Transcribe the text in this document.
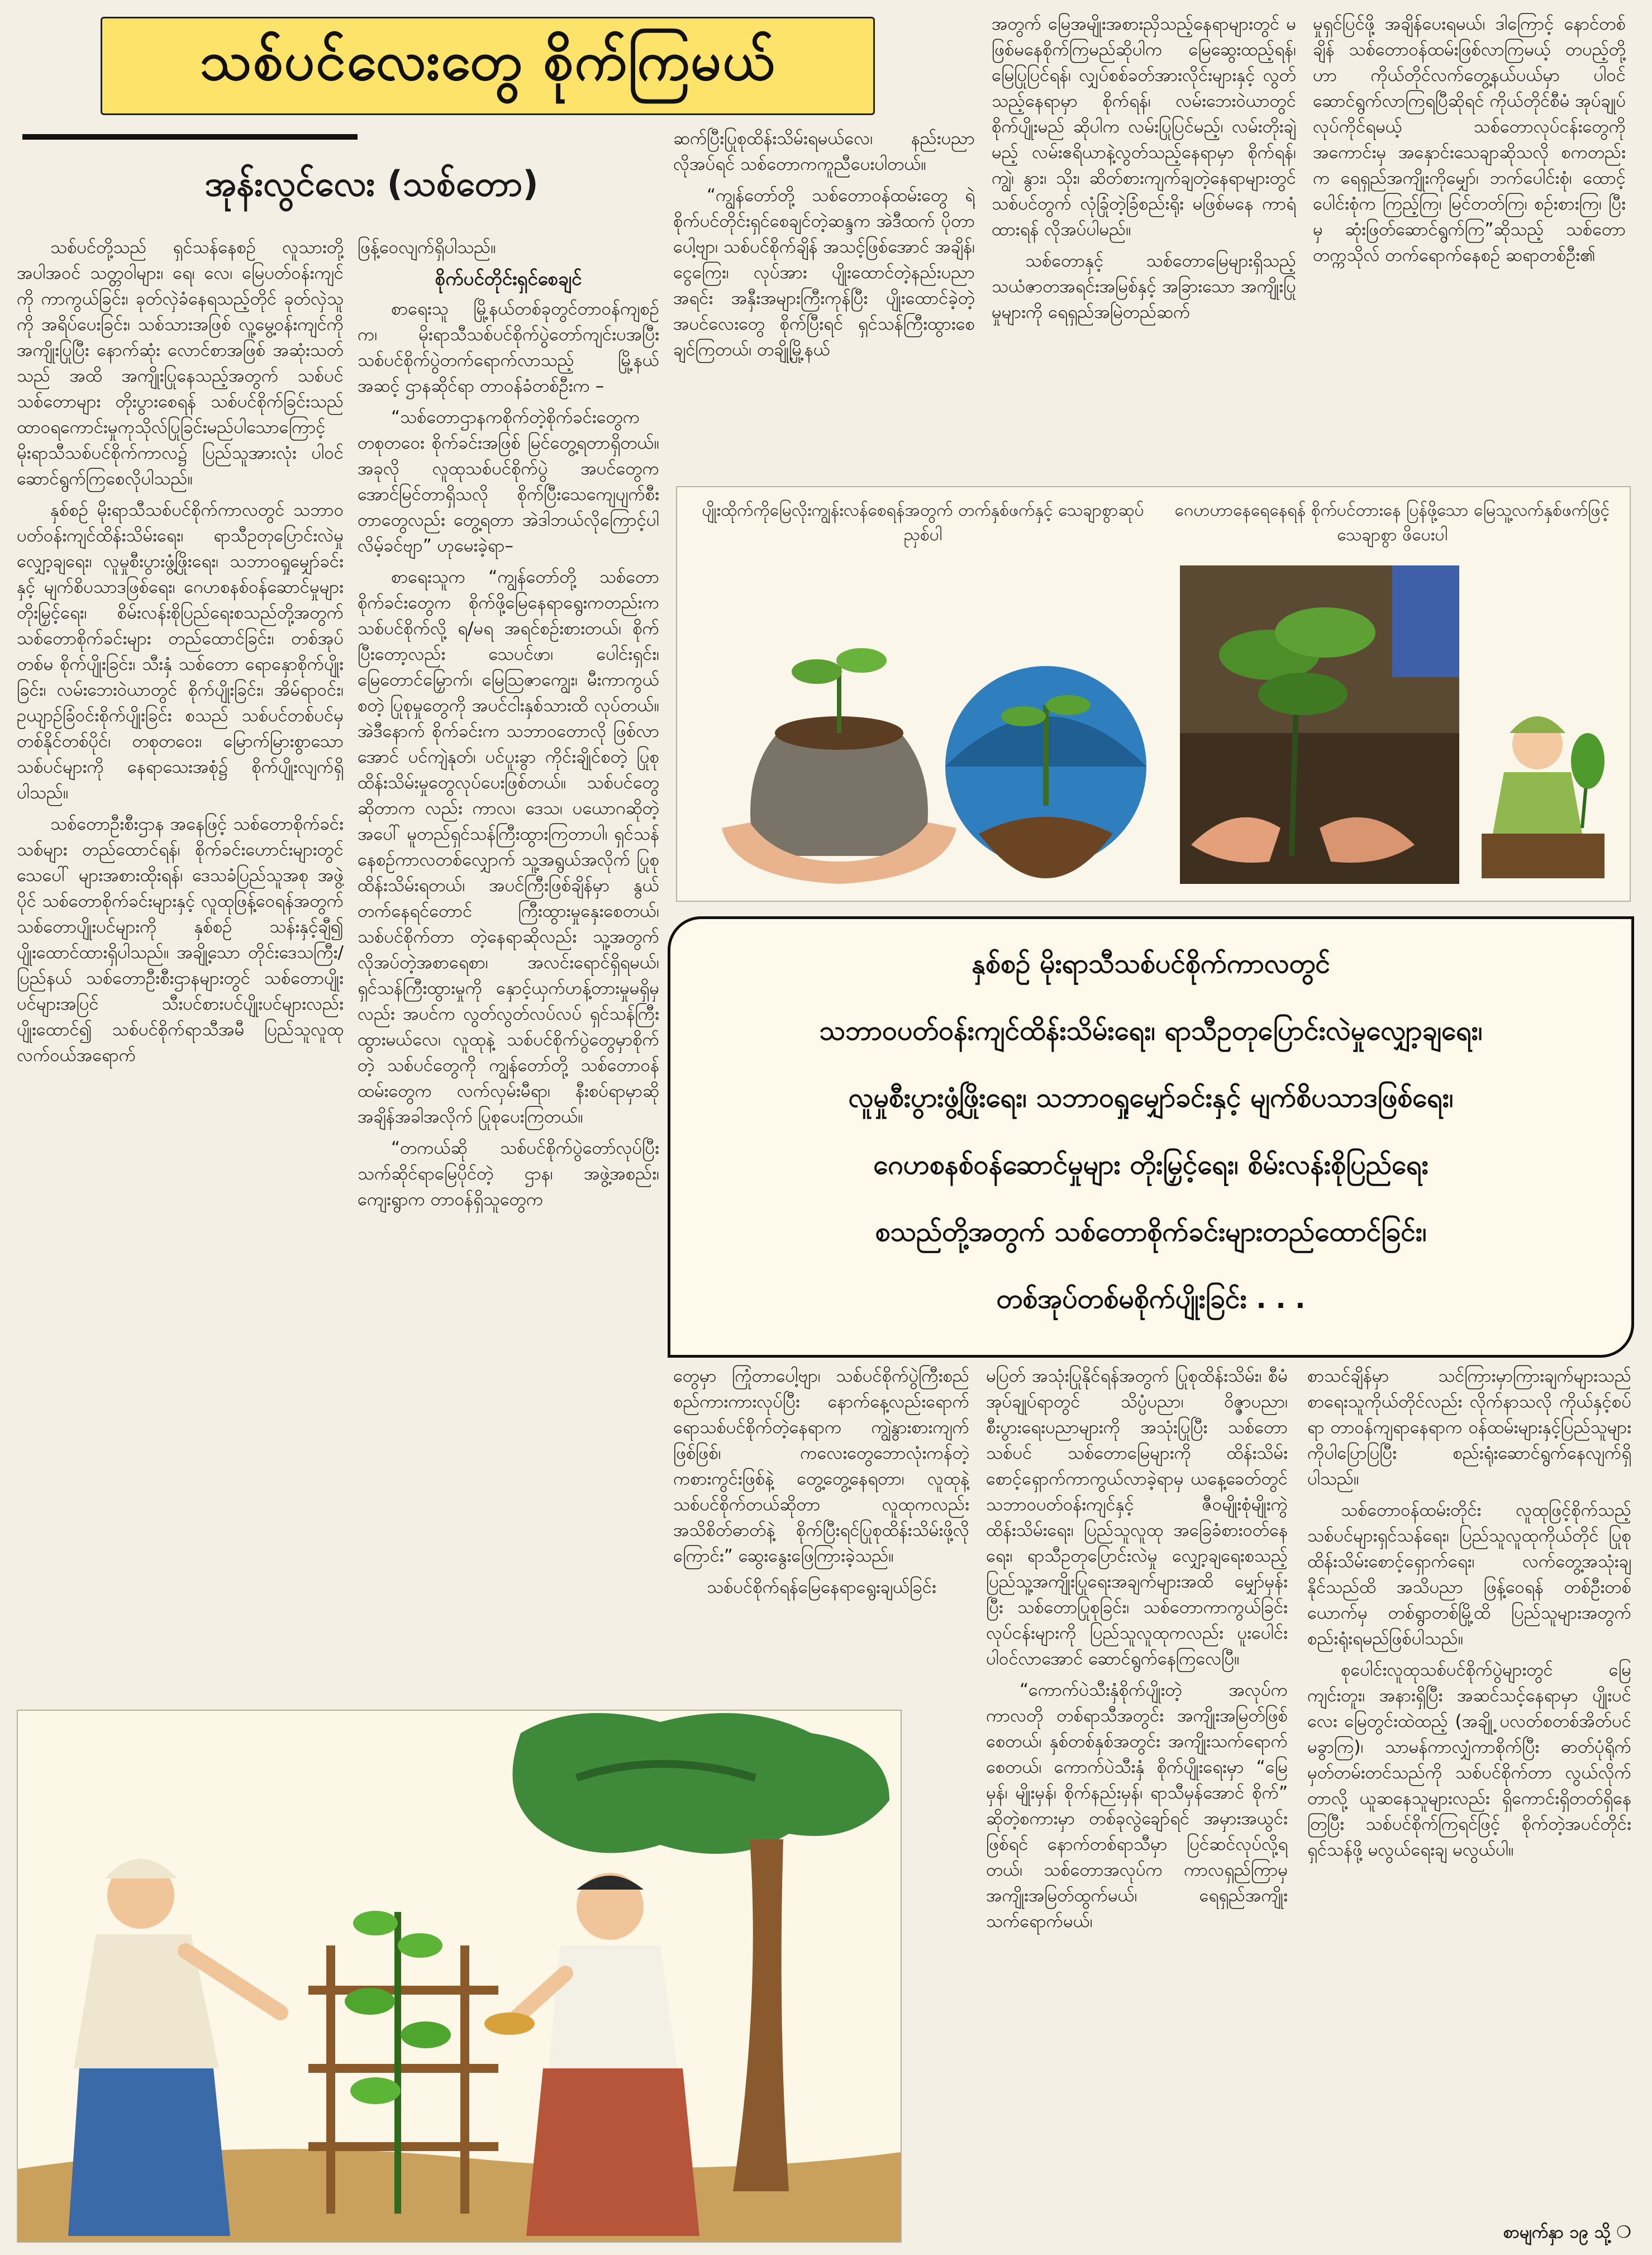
သစ်ပင်လေးတွေ စိုက်ကြမယ်
အုန်းလွင်လေး (သစ်တော)

သစ်ပင်တို့သည် ရှင်သန်နေစဉ် လူသားတို့အပါအဝင် သတ္တဝါများ၊ ရေ၊ လေ၊ မြေပတ်ဝန်းကျင်ကို ကာကွယ်ခြင်း၊ ခုတ်လှဲခံနေရသည့်တိုင် ခုတ်လှဲသူကို အရိပ်ပေးခြင်း၊ သစ်သားအဖြစ် လူ့မွေ့ဝန်းကျင်ကိုအကျိုးပြုပြီး နောက်ဆုံး လောင်စာအဖြစ် အဆုံးသတ်သည် အထိ အကျိုးပြုနေသည့်အတွက် သစ်ပင်သစ်တောများ တိုးပွားစေရန် သစ်ပင်စိုက်ခြင်းသည် ထာဝရကောင်းမှုကုသိုလ်ပြုခြင်းမည်ပါသောကြောင့် မိုးရာသီသစ်ပင်စိုက်ကာလ၌ ပြည်သူအားလုံး ပါဝင်ဆောင်ရွက်ကြစေလိုပါသည်။

နှစ်စဉ် မိုးရာသီသစ်ပင်စိုက်ကာလတွင် သဘာဝပတ်ဝန်းကျင်ထိန်းသိမ်းရေး၊ ရာသီဥတုပြောင်းလဲမှုလျှော့ချရေး၊ လူမှုစီးပွားဖွံ့ဖြိုးရေး၊ သဘာဝရှုမျှော်ခင်းနှင့် မျက်စိပသာဒဖြစ်ရေး၊ ဂေဟစနစ်ဝန်ဆောင်မှုများတိုးမြှင့်ရေး၊ စိမ်းလန်းစိုပြည်ရေးစသည်တို့အတွက် သစ်တောစိုက်ခင်းများ တည်ထောင်ခြင်း၊ တစ်အုပ်တစ်မ စိုက်ပျိုးခြင်း၊ သီးနှံ သစ်တော ရောနှောစိုက်ပျိုးခြင်း၊ လမ်းဘေးဝဲယာတွင် စိုက်ပျိုးခြင်း၊ အိမ်ရာဝင်း၊ ဥယျာဉ်ခြံဝင်းစိုက်ပျိုးခြင်း စသည် သစ်ပင်တစ်ပင်မှ တစ်နိုင်တစ်ပိုင်၊ တစုတဝေး၊ မြောက်မြားစွာသော သစ်ပင်များကို နေရာသေးအစုံ၌ စိုက်ပျိုးလျက်ရှိပါသည်။

သစ်တောဦးစီးဌာန အနေဖြင့် သစ်တောစိုက်ခင်းသစ်များ တည်ထောင်ရန်၊ စိုက်ခင်းဟောင်းများတွင် သေပေါ် များအစားထိုးရန်၊ ဒေသခံပြည်သူအစု အဖွဲ့ပိုင် သစ်တောစိုက်ခင်းများနှင့် လူထုဖြန့်ဝေရန်အတွက် သစ်တောပျိုးပင်များကို နှစ်စဉ် သန်းနှင့်ချီ၍ ပျိုးထောင်ထားရှိပါသည်။ အချို့သော တိုင်းဒေသကြီး/ပြည်နယ် သစ်တောဦးစီးဌာနများတွင် သစ်တောပျိုးပင်များအပြင် သီးပင်စားပင်ပျိုးပင်များလည်း ပျိုးထောင်၍ သစ်ပင်စိုက်ရာသီအမီ ပြည်သူလူထု လက်ဝယ်အရောက်

ဖြန့်ဝေလျက်ရှိပါသည်။

စိုက်ပင်တိုင်းရှင်စေချင်

စာရေးသူ မြို့နယ်တစ်ခုတွင်တာဝန်ကျစဉ်က၊ မိုးရာသီသစ်ပင်စိုက်ပွဲတော်ကျင်းပအပြီး သစ်ပင်စိုက်ပွဲတက်ရောက်လာသည့် မြို့နယ်အဆင့် ဌာနဆိုင်ရာ တာဝန်ခံတစ်ဦးက –

“သစ်တောဌာနကစိုက်တဲ့စိုက်ခင်းတွေက တစုတဝေး စိုက်ခင်းအဖြစ် မြင်တွေ့ရတာရှိတယ်။ အခုလို လူထုသစ်ပင်စိုက်ပွဲ အပင်တွေက အောင်မြင်တာရှိသလို စိုက်ပြီးသေကျေပျက်စီးတာတွေလည်း တွေ့ရတာ အဲဒါဘယ်လိုကြောင့်ပါလိမ့်ခင်ဗျာ” ဟုမေးခဲ့ရာ–

စာရေးသူက “ကျွန်တော်တို့ သစ်တောစိုက်ခင်းတွေက စိုက်ဖို့မြေနေရာရွေးကတည်းက သစ်ပင်စိုက်လို့ ရ/မရ အရင်စဉ်းစားတယ်၊ စိုက်ပြီးတော့လည်း သေပင်ဖာ၊ ပေါင်းရှင်း၊ မြေတောင်မြှောက်၊ မြေဩဇာကျွေး၊ မီးကာကွယ်စတဲ့ ပြုစုမှုတွေကို အပင်ငါးနှစ်သားထိ လုပ်တယ်။ အဲဒီနောက် စိုက်ခင်းက သဘာဝတောလို ဖြစ်လာအောင် ပင်ကျဲနုတ်၊ ပင်ပူးခွာ ကိုင်းချိုင်စတဲ့ ပြုစုထိန်းသိမ်းမှုတွေလုပ်ပေးဖြစ်တယ်။ သစ်ပင်တွေဆိုတာက လည်း ကာလ၊ ဒေသ၊ ပယောဂဆိုတဲ့အပေါ် မူတည်ရှင်သန်ကြီးထွားကြတာပါ၊ ရှင်သန်နေစဉ်ကာလတစ်လျှောက် သူ့အရွယ်အလိုက် ပြုစုထိန်းသိမ်းရတယ်၊ အပင်ကြီးဖြစ်ချိန်မှာ နွယ်တက်နေရင်တောင် ကြီးထွားမှုနှေးစေတယ်၊ သစ်ပင်စိုက်တာ တဲ့နေရာဆိုလည်း သူ့အတွက်လိုအပ်တဲ့အစာရေစာ၊ အလင်းရောင်ရှိရမယ်၊ ရှင်သန်ကြီးထွားမှုကို နှောင့်ယှက်ဟန့်တားမှုမရှိမှလည်း အပင်က လွတ်လွတ်လပ်လပ် ရှင်သန်ကြီးထွားမယ်လေ၊ လူထုနဲ့ သစ်ပင်စိုက်ပွဲတွေမှာစိုက်တဲ့ သစ်ပင်တွေကို ကျွန်တော်တို့ သစ်တောဝန်ထမ်းတွေက လက်လှမ်းမီရာ၊ နီးစပ်ရာမှာဆို အချိန်အခါအလိုက် ပြုစုပေးကြတယ်။

“တကယ်ဆို သစ်ပင်စိုက်ပွဲတော်လုပ်ပြီး သက်ဆိုင်ရာမြေပိုင်တဲ့ ဌာန၊ အဖွဲ့အစည်း၊ ကျေးရွာက တာဝန်ရှိသူတွေက

ဆက်ပြီးပြုစုထိန်းသိမ်းရမယ်လေ၊ နည်းပညာလိုအပ်ရင် သစ်တောကကူညီပေးပါတယ်။

“ကျွန်တော်တို့ သစ်တောဝန်ထမ်းတွေ ရဲ့ စိုက်ပင်တိုင်းရှင်စေချင်တဲ့ဆန္ဒက အဲဒီထက် ပိုတာပေါ့ဗျာ၊ သစ်ပင်စိုက်ချိန် အသင့်ဖြစ်အောင် အချိန်၊ ငွေကြေး၊ လုပ်အား ပျိုးထောင်တဲ့နည်းပညာအရင်း အနှီးအများကြီးကုန်ပြီး ပျိုးထောင်ခဲ့တဲ့ အပင်လေးတွေ စိုက်ပြီးရင် ရှင်သန်ကြီးထွားစေချင်ကြတယ်၊ တချို့မြို့နယ်

အတွက် မြေအမျိုးအစားညှိသည့်နေရာများတွင် မဖြစ်မနေစိုက်ကြမည်ဆိုပါက မြေဆွေးထည့်ရန်၊ မြေပြုပြင်ရန်၊ လျှပ်စစ်ခတ်အားလိုင်းများနှင့် လွတ်သည့်နေရာမှာ စိုက်ရန်၊ လမ်းဘေးဝဲယာတွင်စိုက်ပျိုးမည် ဆိုပါက လမ်းပြုပြင်မည့်၊ လမ်းတိုးချဲ့မည့် လမ်းဧရိယာနဲ့လွတ်သည့်နေရာမှာ စိုက်ရန်၊ ကျွဲ၊ နွား၊ သိုး၊ ဆိတ်စားကျက်ချတဲ့နေရာများတွင် သစ်ပင်တွက် လုံခြုံတဲ့ခြံစည်းရိုး မဖြစ်မနေ ကာရံထားရန် လိုအပ်ပါမည်။

သစ်တောနှင့် သစ်တောမြေများရှိသည့် သယံဇာတအရင်းအမြစ်နှင့် အခြားသော အကျိုးပြုမှုများကို ရေရှည်အမြဲတည်ဆက်

မှုရှင်ပြင်ဖို့ အချိန်ပေးရမယ်၊ ဒါကြောင့် နောင်တစ်ချိန် သစ်တောဝန်ထမ်းဖြစ်လာကြမယ့် တပည့်တို့ဟာ ကိုယ်တိုင်လက်တွေ့နယ်ပယ်မှာ ပါဝင်ဆောင်ရွက်လာကြရပြီဆိုရင် ကိုယ်တိုင်စီမံ အုပ်ချုပ် လုပ်ကိုင်ရမယ့် သစ်တောလုပ်ငန်းတွေကို အကောင်းမှ အနှောင်းသေချာဆိုသလို စကတည်းက ရေရှည်အကျိုးကိုမျှော်၊ ဘက်ပေါင်းစုံ၊ ထောင့်ပေါင်းစုံက ကြည့်ကြ၊ မြင်တတ်ကြ၊ စဉ်းစားကြ၊ ပြီးမှ ဆုံးဖြတ်ဆောင်ရွက်ကြ”ဆိုသည့် သစ်တောတက္ကသိုလ် တက်ရောက်နေစဉ် ဆရာတစ်ဦး၏

ပျိုးထိုက်ကိုမြေလိုးကျွန်းလန်စေရန်အတွက် တက်နှစ်ဖက်နှင့် သေချာစွာဆုပ်ညှစ်ပါ
ဂေဟဟာနေရေနေရန် စိုက်ပင်တားနေ ပြန်ဖို့သော မြေသူ့လက်နှစ်ဖက်ဖြင့် သေချာစွာ ဖိပေးပါ
နှစ်စဉ် မိုးရာသီသစ်ပင်စိုက်ကာလတွင်
သဘာဝပတ်ဝန်းကျင်ထိန်းသိမ်းရေး၊ ရာသီဥတုပြောင်းလဲမှုလျှော့ချရေး၊
လူမှုစီးပွားဖွံ့ဖြိုးရေး၊ သဘာဝရှုမျှော်ခင်းနှင့် မျက်စိပသာဒဖြစ်ရေး၊
ဂေဟစနစ်ဝန်ဆောင်မှုများ တိုးမြှင့်ရေး၊ စိမ်းလန်းစိုပြည်ရေး
စသည်တို့အတွက် သစ်တောစိုက်ခင်းများတည်ထောင်ခြင်း၊
တစ်အုပ်တစ်မစိုက်ပျိုးခြင်း . . .

တွေမှာ ကြုံတာပေါ့ဗျာ၊ သစ်ပင်စိုက်ပွဲကြီးစည်စည်ကားကားလုပ်ပြီး နောက်နေ့လည်းရောက်ရောသစ်ပင်စိုက်တဲ့နေရာက ကျွဲနွားစားကျက် ဖြစ်ဖြစ်၊ ကလေးတွေဘောလုံးကန်တဲ့ ကစားကွင်းဖြစ်နဲ့ တွေ့တွေ့နေရတာ၊ လူထုနဲ့ သစ်ပင်စိုက်တယ်ဆိုတာ လူထုကလည်း အသိစိတ်ဓာတ်နဲ့ စိုက်ပြီးရင်ပြုစုထိန်းသိမ်းဖို့လိုကြောင်း” ဆွေးနွေးဖြေကြားခဲ့သည်။

သစ်ပင်စိုက်ရန်မြေနေရာရွေးချယ်ခြင်း

မပြတ် အသုံးပြုနိုင်ရန်အတွက် ပြုစုထိန်းသိမ်း၊ စီမံအုပ်ချုပ်ရာတွင် သိပ္ပံပညာ၊ ဝိဇ္ဇာပညာ၊ စီးပွားရေးပညာများကို အသုံးပြုပြီး သစ်တောသစ်ပင် သစ်တောမြေများကို ထိန်းသိမ်းစောင့်ရှောက်ကာကွယ်လာခဲ့ရာမှ ယနေ့ခေတ်တွင် သဘာဝပတ်ဝန်းကျင်နှင့် ဇီဝမျိုးစုံမျိုးကွဲ ထိန်းသိမ်းရေး၊ ပြည်သူလူထု အခြေခံစားဝတ်နေရေး၊ ရာသီဥတုပြောင်းလဲမှု လျှော့ချရေးစသည့် ပြည်သူ့အကျိုးပြုရေးအချက်များအထိ မျှော်မှန်းပြီး သစ်တောပြုစုခြင်း၊ သစ်တောကာကွယ်ခြင်း လုပ်ငန်းများကို ပြည်သူလူထုကလည်း ပူးပေါင်းပါဝင်လာအောင် ဆောင်ရွက်နေကြလေပြီ။

“ကောက်ပဲသီးနှံစိုက်ပျိုးတဲ့ အလုပ်က ကာလတို တစ်ရာသီအတွင်း အကျိုးအမြတ်ဖြစ်စေတယ်၊ နှစ်တစ်နှစ်အတွင်း အကျိုးသက်ရောက်စေတယ်၊ ကောက်ပဲသီးနှံ စိုက်ပျိုးရေးမှာ “မြေမှန်၊ မျိုးမှန်၊ စိုက်နည်းမှန်၊ ရာသီမှန်အောင် စိုက်” ဆိုတဲ့စကားမှာ တစ်ခုလွဲချော်ရင် အမှားအယွင်းဖြစ်ရင် နောက်တစ်ရာသီမှာ ပြင်ဆင်လုပ်လို့ရတယ်၊ သစ်တောအလုပ်က ကာလရှည်ကြာမှ အကျိုးအမြတ်ထွက်မယ်၊ ရေရှည်အကျိုးသက်ရောက်မယ်၊

စာသင်ချိန်မှာ သင်ကြားမှာကြားချက်များသည် စာရေးသူကိုယ်တိုင်လည်း လိုက်နာသလို ကိုယ်နှင့်စပ်ရာ တာဝန်ကျရာနေရာက ဝန်ထမ်းများနှင့်ပြည်သူများကိုပါပြောပြပြီး စည်းရုံးဆောင်ရွက်နေလျက်ရှိပါသည်။

သစ်တောဝန်ထမ်းတိုင်း လူထုဖြင့်စိုက်သည့် သစ်ပင်များရှင်သန်ရေး၊ ပြည်သူလူထုကိုယ်တိုင် ပြုစုထိန်းသိမ်းစောင့်ရှောက်ရေး၊ လက်တွေ့အသုံးချနိုင်သည်ထိ အသိပညာ ဖြန့်ဝေရန် တစ်ဦးတစ်ယောက်မှ တစ်ရွာတစ်မြို့ထိ ပြည်သူများအတွက် စည်းရုံးရမည်ဖြစ်ပါသည်။

စုပေါင်းလူထုသစ်ပင်စိုက်ပွဲများတွင် မြေကျင်းတူး၊ အနားရှိပြီး အဆင်သင့်နေရာမှာ ပျိုးပင်လေး မြေတွင်းထဲထည့် (အချို့ ပလတ်စတစ်အိတ်ပင် မခွာကြ)၊ သာမန်ကာလျှံကာစိုက်ပြီး ဓာတ်ပုံရိုက်မှတ်တမ်းတင်သည်ကို သစ်ပင်စိုက်တာ လွယ်လိုက်တာလို့ ယူဆနေသူများလည်း ရှိကောင်းရှိတတ်ရှိနေတြပြီး သစ်ပင်စိုက်ကြရင်ဖြင့် စိုက်တဲ့အပင်တိုင်းရှင်သန်ဖို့ မလွယ်ရေးချ မလွယ်ပါ။

စာမျက်နှာ ၁၉ သို့ ❍
